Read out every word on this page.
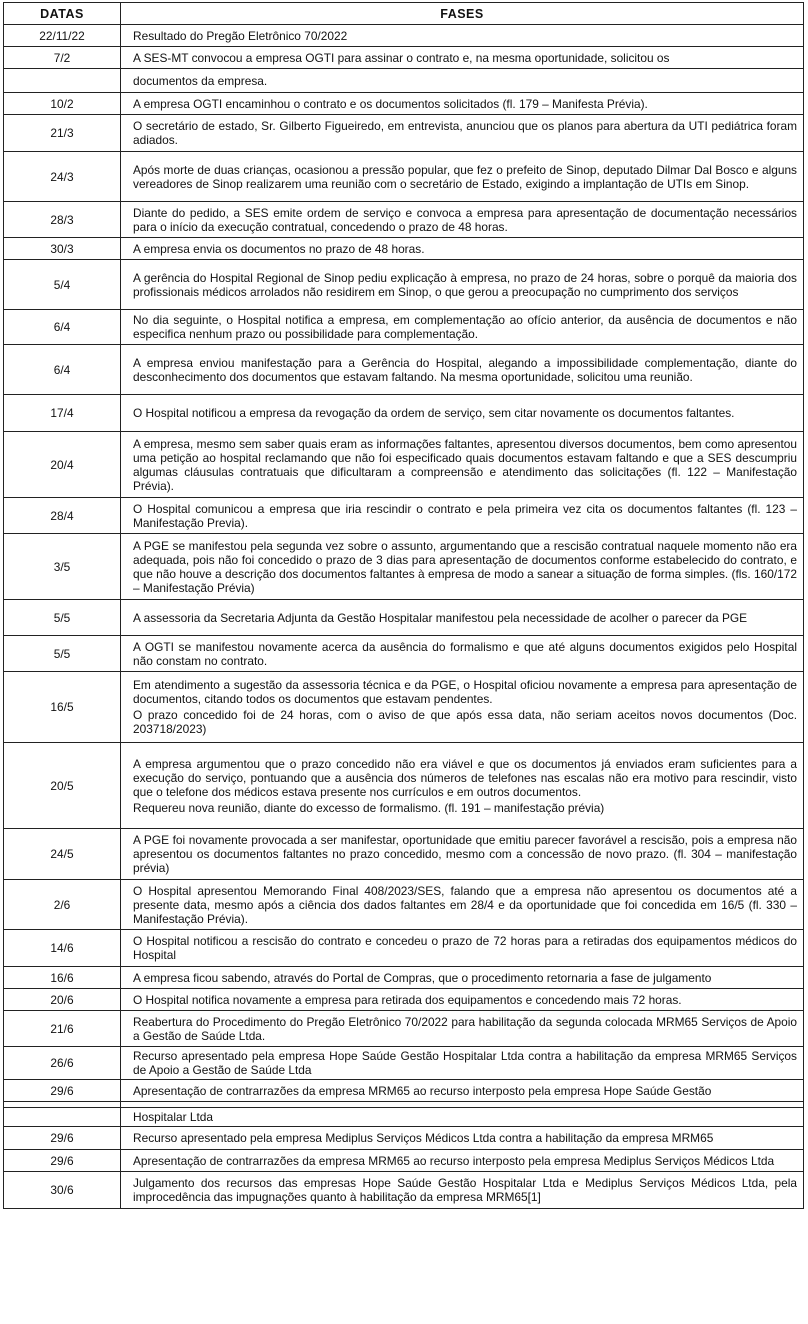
DATAS	FASES
22/11/22	Resultado do Pregão Eletrônico 70/2022

7/2	A SES-MT convocou a empresa OGTI para assinar o contrato e, na mesma oportunidade, solicitou os

	documentos da empresa.

10/2	A empresa OGTI encaminhou o contrato e os documentos solicitados (fl. 179 – Manifesta Prévia).

21/3	O secretário de estado, Sr. Gilberto Figueiredo, em entrevista, anunciou que os planos para abertura da UTI pediátrica foram adiados.

24/3	Após morte de duas crianças, ocasionou a pressão popular, que fez o prefeito de Sinop, deputado Dilmar Dal Bosco e alguns vereadores de Sinop realizarem uma reunião com o secretário de Estado, exigindo a implantação de UTIs em Sinop.

28/3	Diante do pedido, a SES emite ordem de serviço e convoca a empresa para apresentação de documentação necessários para o início da execução contratual, concedendo o prazo de 48 horas.

30/3	A empresa envia os documentos no prazo de 48 horas.

5/4	A gerência do Hospital Regional de Sinop pediu explicação à empresa, no prazo de 24 horas, sobre o porquê da maioria dos profissionais médicos arrolados não residirem em Sinop, o que gerou a preocupação no cumprimento dos serviços

6/4	No dia seguinte, o Hospital notifica a empresa, em complementação ao ofício anterior, da ausência de documentos e não especifica nenhum prazo ou possibilidade para complementação.

6/4	A empresa enviou manifestação para a Gerência do Hospital, alegando a impossibilidade complementação, diante do desconhecimento dos documentos que estavam faltando. Na mesma oportunidade, solicitou uma reunião.

17/4	O Hospital notificou a empresa da revogação da ordem de serviço, sem citar novamente os documentos faltantes.

20/4	A empresa, mesmo sem saber quais eram as informações faltantes, apresentou diversos documentos, bem como apresentou uma petição ao hospital reclamando que não foi especificado quais documentos estavam faltando e que a SES descumpriu algumas cláusulas contratuais que dificultaram a compreensão e atendimento das solicitações (fl. 122 – Manifestação Prévia).

28/4	O Hospital comunicou a empresa que iria rescindir o contrato e pela primeira vez cita os documentos faltantes (fl. 123 – Manifestação Previa).

3/5	A PGE se manifestou pela segunda vez sobre o assunto, argumentando que a rescisão contratual naquele momento não era adequada, pois não foi concedido o prazo de 3 dias para apresentação de documentos conforme estabelecido do contrato, e que não houve a descrição dos documentos faltantes à empresa de modo a sanear a situação de forma simples. (fls. 160/172 – Manifestação Prévia)

5/5	A assessoria da Secretaria Adjunta da Gestão Hospitalar manifestou pela necessidade de acolher o parecer da PGE

5/5	A OGTI se manifestou novamente acerca da ausência do formalismo e que até alguns documentos exigidos pelo Hospital não constam no contrato.

16/5	Em atendimento a sugestão da assessoria técnica e da PGE, o Hospital oficiou novamente a empresa para apresentação de documentos, citando todos os documentos que estavam pendentes.

O prazo concedido foi de 24 horas, com o aviso de que após essa data, não seriam aceitos novos documentos (Doc. 203718/2023)

20/5	A empresa argumentou que o prazo concedido não era viável e que os documentos já enviados eram suficientes para a execução do serviço, pontuando que a ausência dos números de telefones nas escalas não era motivo para rescindir, visto que o telefone dos médicos estava presente nos currículos e em outros documentos.

Requereu nova reunião, diante do excesso de formalismo. (fl. 191 – manifestação prévia)

24/5	A PGE foi novamente provocada a ser manifestar, oportunidade que emitiu parecer favorável a rescisão, pois a empresa não apresentou os documentos faltantes no prazo concedido, mesmo com a concessão de novo prazo. (fl. 304 – manifestação prévia)

2/6	O Hospital apresentou Memorando Final 408/2023/SES, falando que a empresa não apresentou os documentos até a presente data, mesmo após a ciência dos dados faltantes em 28/4 e da oportunidade que foi concedida em 16/5 (fl. 330 – Manifestação Prévia).

14/6	O Hospital notificou a rescisão do contrato e concedeu o prazo de 72 horas para a retiradas dos equipamentos médicos do Hospital

16/6	A empresa ficou sabendo, através do Portal de Compras, que o procedimento retornaria a fase de julgamento

20/6	O Hospital notifica novamente a empresa para retirada dos equipamentos e concedendo mais 72 horas.

21/6	Reabertura do Procedimento do Pregão Eletrônico 70/2022 para habilitação da segunda colocada MRM65 Serviços de Apoio a Gestão de Saúde Ltda.

26/6	Recurso apresentado pela empresa Hope Saúde Gestão Hospitalar Ltda contra a habilitação da empresa MRM65 Serviços de Apoio a Gestão de Saúde Ltda

29/6	Apresentação de contrarrazões da empresa MRM65 ao recurso interposto pela empresa Hope Saúde Gestão

	Hospitalar Ltda

29/6	Recurso apresentado pela empresa Mediplus Serviços Médicos Ltda contra a habilitação da empresa MRM65

29/6	Apresentação de contrarrazões da empresa MRM65 ao recurso interposto pela empresa Mediplus Serviços Médicos Ltda

30/6	Julgamento dos recursos das empresas Hope Saúde Gestão Hospitalar Ltda e Mediplus Serviços Médicos Ltda, pela improcedência das impugnações quanto à habilitação da empresa MRM65[1]
